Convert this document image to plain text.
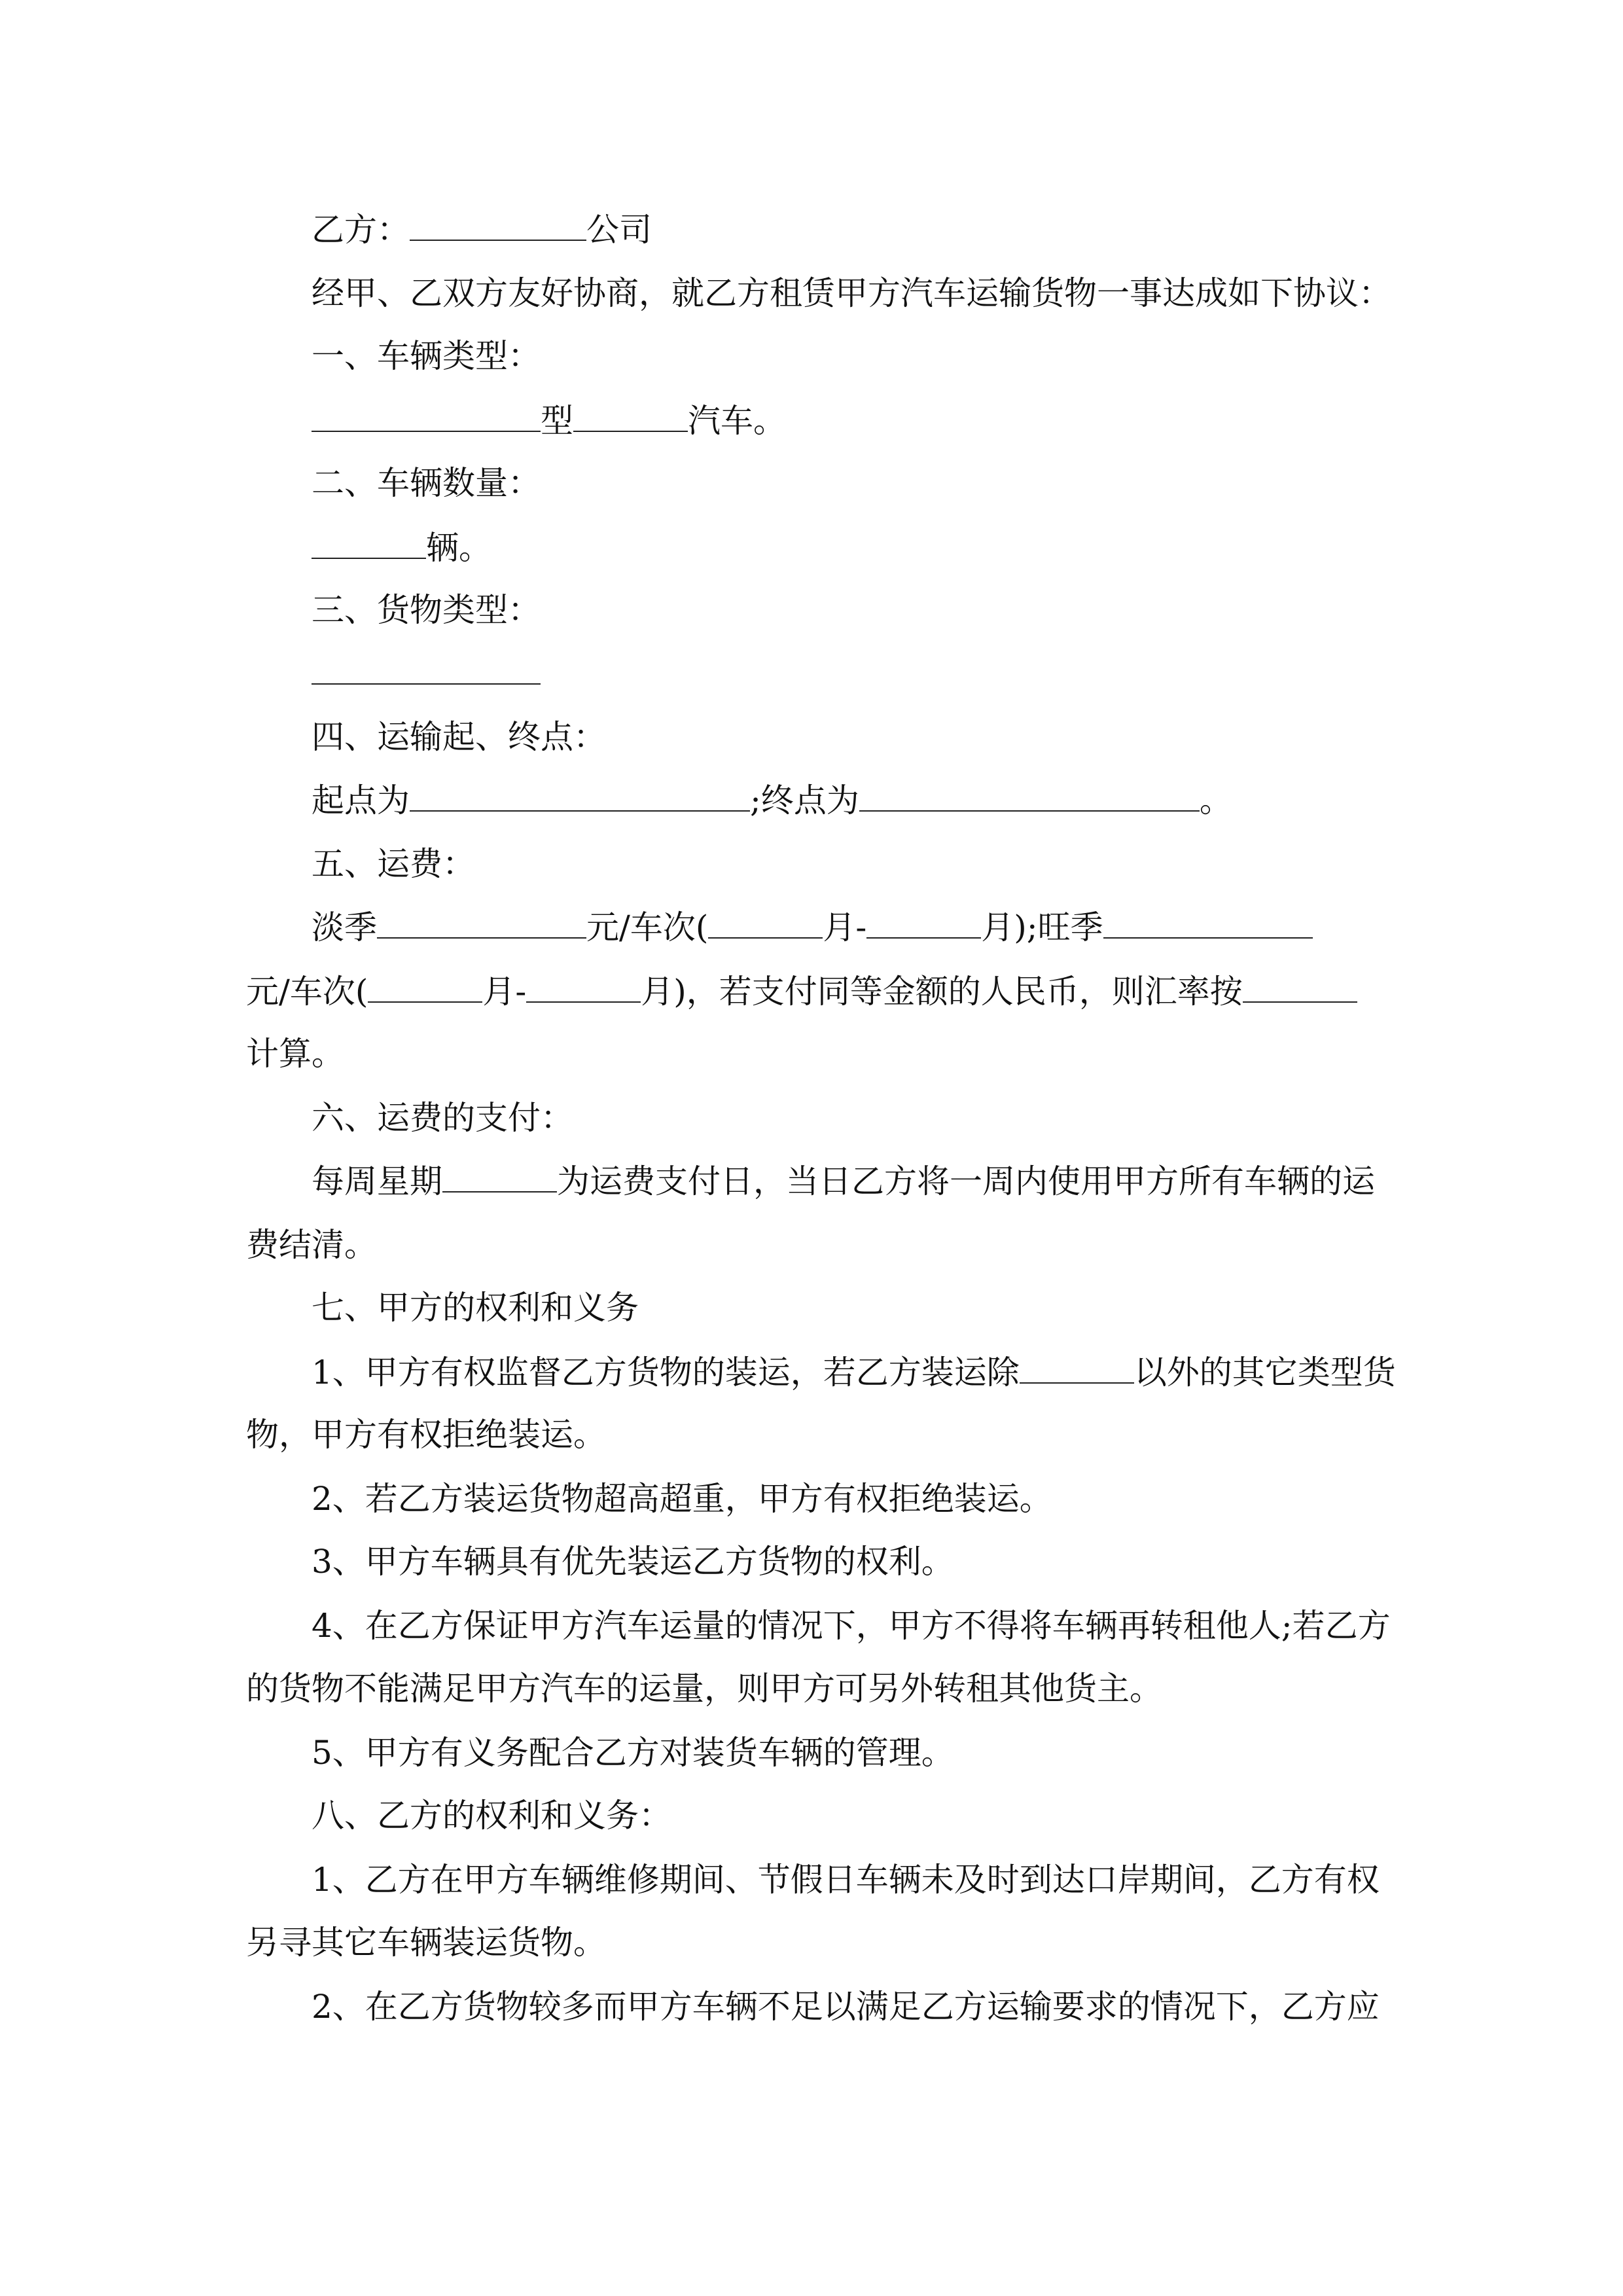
乙方：	公司
经甲、乙双方友好协商，就乙方租赁甲方汽车运输货物一事达成如下协议：
一、车辆类型：
型	汽车。
二、车辆数量：
辆。
三、货物类型：
四、运输起、终点：
起点为	;终点为	。
五、运费：
淡季	元/车次(	月-	月);旺季
元/车次(	月-	月)，若支付同等金额的人民币，则汇率按
计算。
六、运费的支付：
每周星期	为运费支付日，当日乙方将一周内使用甲方所有车辆的运
费结清。
七、甲方的权利和义务
1、甲方有权监督乙方货物的装运，若乙方装运除	以外的其它类型货
物，甲方有权拒绝装运。
2、若乙方装运货物超高超重，甲方有权拒绝装运。
3、甲方车辆具有优先装运乙方货物的权利。
4、在乙方保证甲方汽车运量的情况下，甲方不得将车辆再转租他人;若乙方
的货物不能满足甲方汽车的运量，则甲方可另外转租其他货主。
5、甲方有义务配合乙方对装货车辆的管理。
八、乙方的权利和义务：
1、乙方在甲方车辆维修期间、节假日车辆未及时到达口岸期间，乙方有权
另寻其它车辆装运货物。
2、在乙方货物较多而甲方车辆不足以满足乙方运输要求的情况下，乙方应
